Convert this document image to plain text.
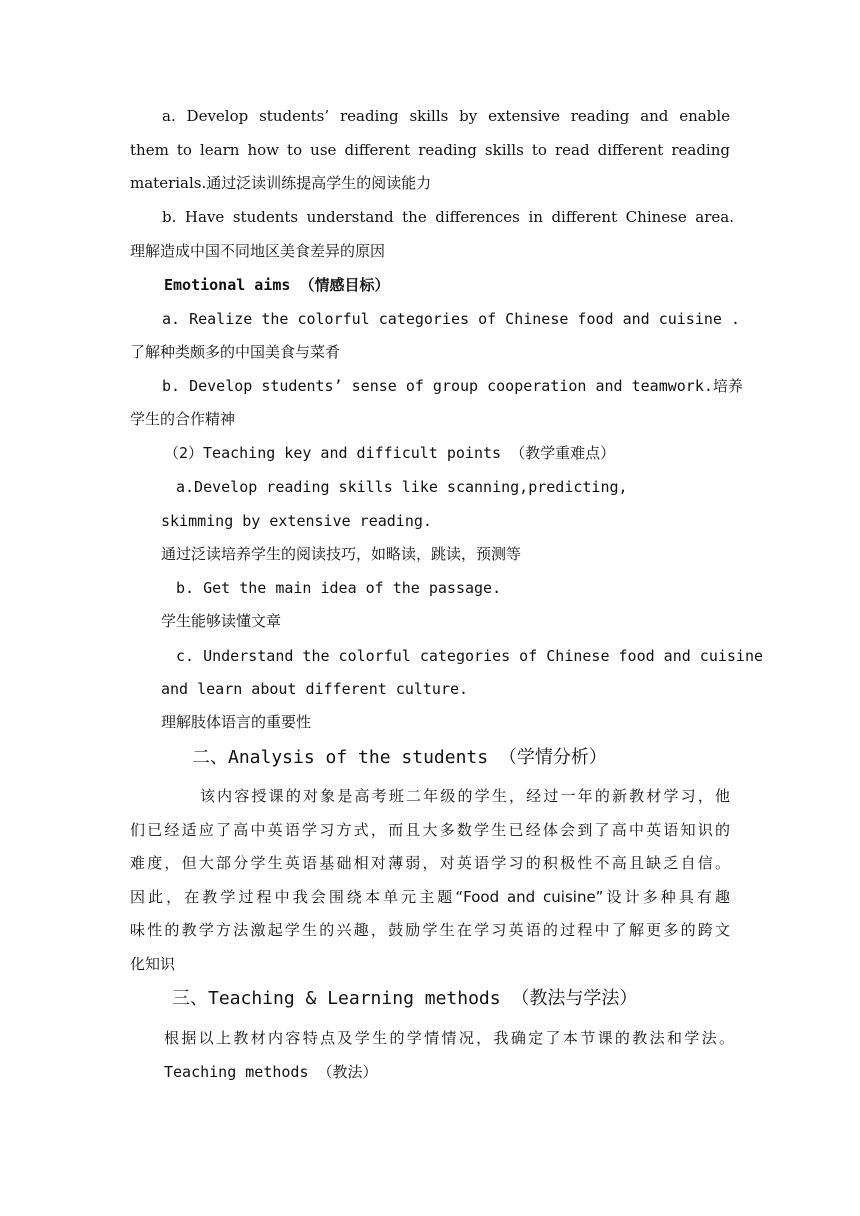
a. Develop students’ reading skills by extensive reading and enable
them to learn how to use different reading skills to read different reading
materials.通过泛读训练提高学生的阅读能力
b. Have students understand the differences in different Chinese area.
理解造成中国不同地区美食差异的原因
Emotional aims （情感目标）
a. Realize the colorful categories of Chinese food and cuisine .
了解种类颇多的中国美食与菜肴
b. Develop students’ sense of group cooperation and teamwork.培养
学生的合作精神
（2）Teaching key and difficult points （教学重难点）
a.Develop reading skills like scanning,predicting,
skimming by extensive reading.
通过泛读培养学生的阅读技巧，如略读，跳读，预测等
b. Get the main idea of the passage.
学生能够读懂文章
c. Understand the colorful categories of Chinese food and cuisine
and learn about different culture.
理解肢体语言的重要性
二、Analysis of the students （学情分析）
该内容授课的对象是高考班二年级的学生，经过一年的新教材学习，他
们已经适应了高中英语学习方式，而且大多数学生已经体会到了高中英语知识的
难度，但大部分学生英语基础相对薄弱，对英语学习的积极性不高且缺乏自信。
因此，在教学过程中我会围绕本单元主题“Food and cuisine”设计多种具有趣
味性的教学方法激起学生的兴趣，鼓励学生在学习英语的过程中了解更多的跨文
化知识
三、Teaching & Learning methods （教法与学法）
根据以上教材内容特点及学生的学情情况，我确定了本节课的教法和学法。
Teaching methods （教法）
